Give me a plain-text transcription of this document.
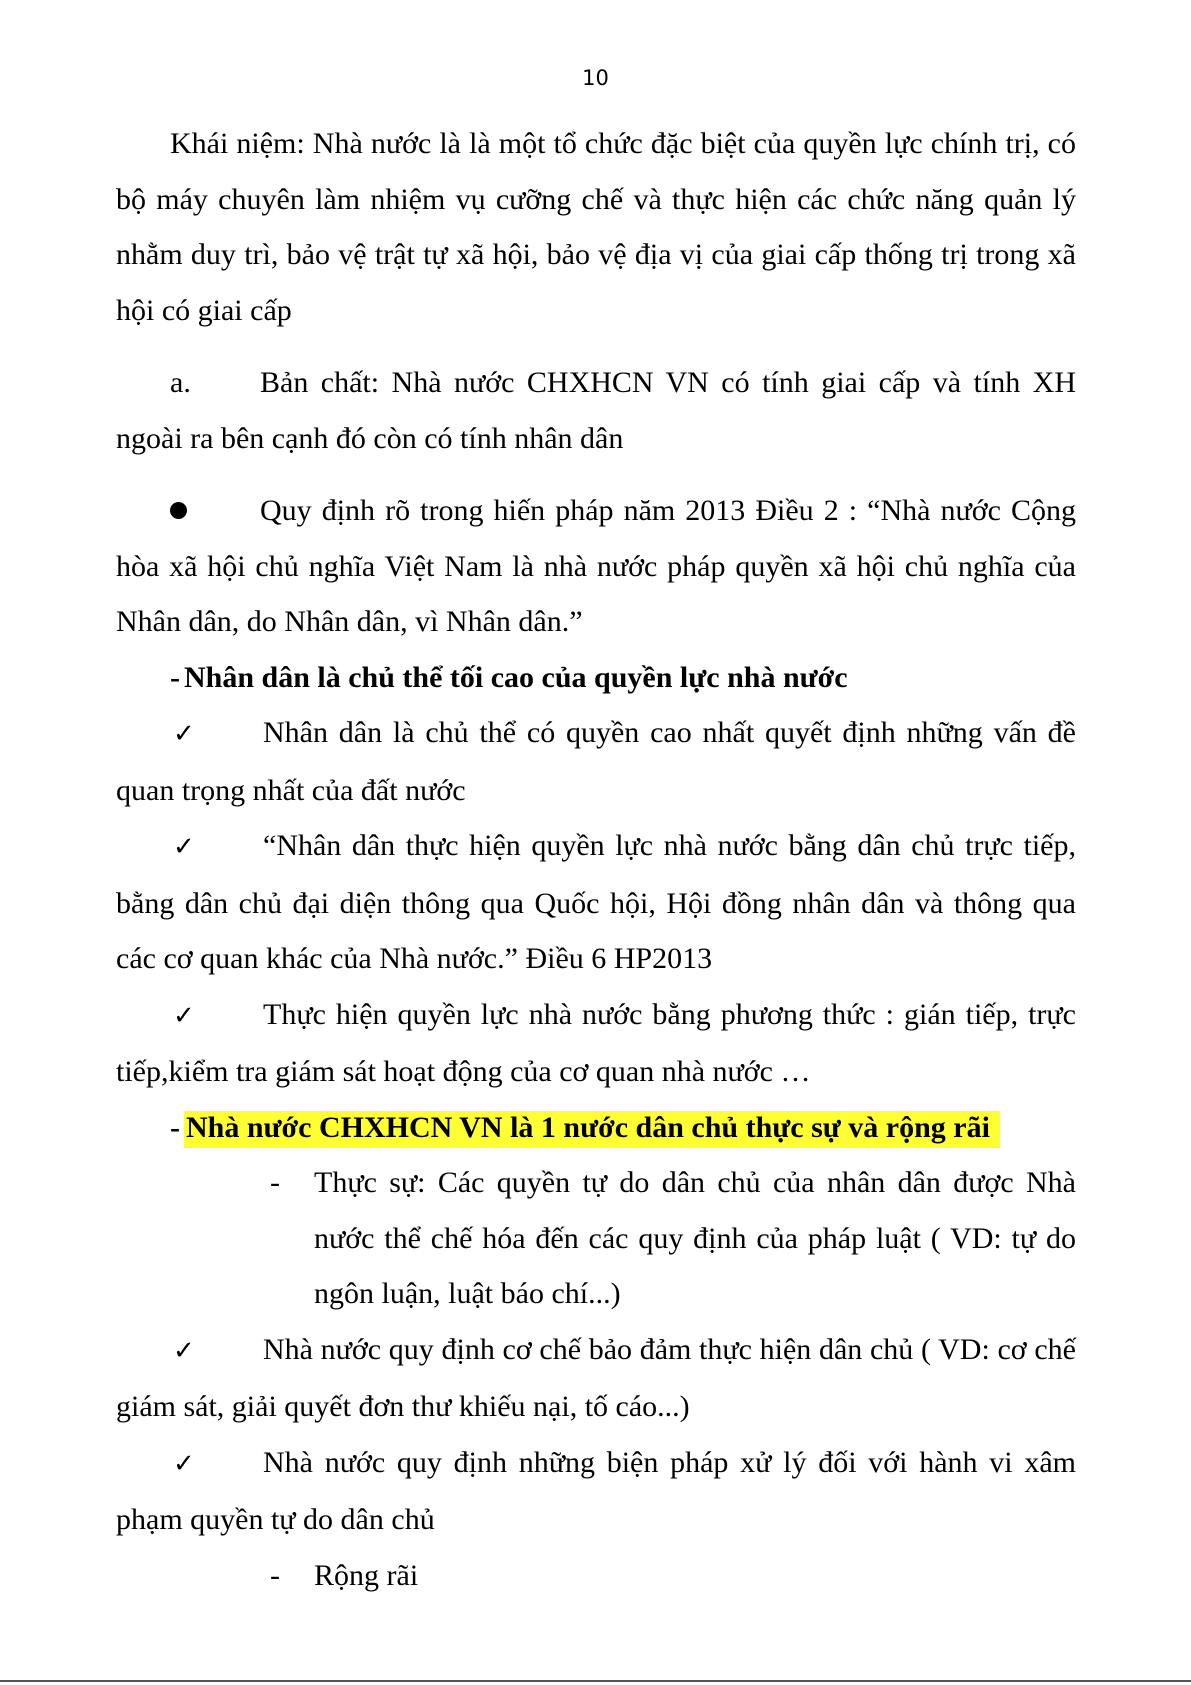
10

Khái niệm: Nhà nước là là một tổ chức đặc biệt của quyền lực chính trị, có bộ máy chuyên làm nhiệm vụ cưỡng chế và thực hiện các chức năng quản lý nhằm duy trì, bảo vệ trật tự xã hội, bảo vệ địa vị của giai cấp thống trị trong xã hội có giai cấp

a. Bản chất: Nhà nước CHXHCN VN có tính giai cấp và tính XH ngoài ra bên cạnh đó còn có tính nhân dân

Quy định rõ trong hiến pháp năm 2013 Điều 2 : “Nhà nước Cộng hòa xã hội chủ nghĩa Việt Nam là nhà nước pháp quyền xã hội chủ nghĩa của Nhân dân, do Nhân dân, vì Nhân dân.”

- Nhân dân là chủ thể tối cao của quyền lực nhà nước

✓ Nhân dân là chủ thể có quyền cao nhất quyết định những vấn đề quan trọng nhất của đất nước

✓ “Nhân dân thực hiện quyền lực nhà nước bằng dân chủ trực tiếp, bằng dân chủ đại diện thông qua Quốc hội, Hội đồng nhân dân và thông qua các cơ quan khác của Nhà nước.” Điều 6 HP2013

✓ Thực hiện quyền lực nhà nước bằng phương thức : gián tiếp, trực tiếp,kiểm tra giám sát hoạt động của cơ quan nhà nước …

- Nhà nước CHXHCN VN là 1 nước dân chủ thực sự và rộng rãi

- Thực sự: Các quyền tự do dân chủ của nhân dân được Nhà nước thể chế hóa đến các quy định của pháp luật ( VD: tự do ngôn luận, luật báo chí...)

✓ Nhà nước quy định cơ chế bảo đảm thực hiện dân chủ ( VD: cơ chế giám sát, giải quyết đơn thư khiếu nại, tố cáo...)

✓ Nhà nước quy định những biện pháp xử lý đối với hành vi xâm phạm quyền tự do dân chủ

- Rộng rãi
